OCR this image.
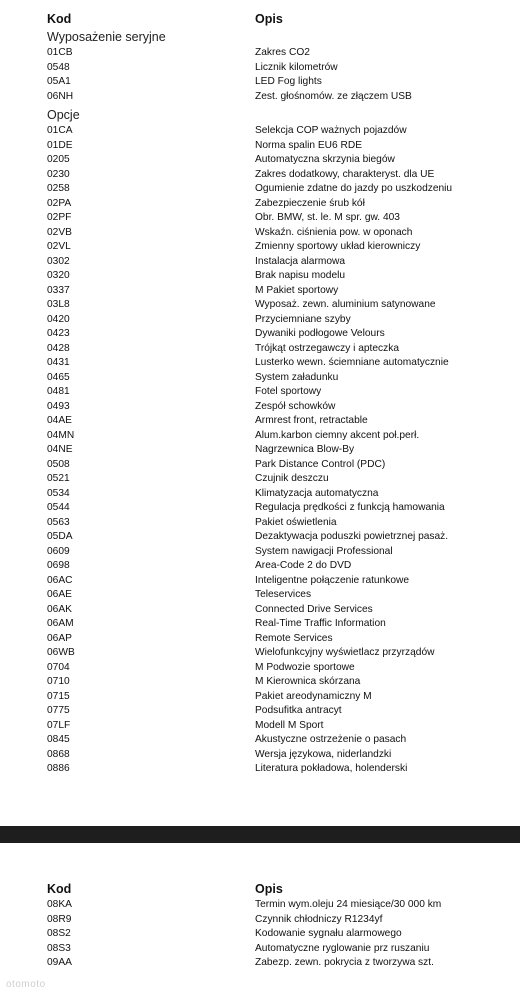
Kod	Opis
Wyposażenie seryjne
01CB	Zakres CO2
0548	Licznik kilometrów
05A1	LED Fog lights
06NH	Zest. głośnomów. ze złączem USB
Opcje
01CA	Selekcja COP ważnych pojazdów
01DE	Norma spalin EU6 RDE
0205	Automatyczna skrzynia biegów
0230	Zakres dodatkowy, charakteryst. dla UE
0258	Ogumienie zdatne do jazdy po uszkodzeniu
02PA	Zabezpieczenie śrub kół
02PF	Obr. BMW, st. le. M spr. gw. 403
02VB	Wskaźn. ciśnienia pow. w oponach
02VL	Zmienny sportowy układ kierowniczy
0302	Instalacja alarmowa
0320	Brak napisu modelu
0337	M Pakiet sportowy
03L8	Wyposaż. zewn. aluminium satynowane
0420	Przyciemniane szyby
0423	Dywaniki podłogowe Velours
0428	Trójkąt ostrzegawczy i apteczka
0431	Lusterko wewn. ściemniane automatycznie
0465	System załadunku
0481	Fotel sportowy
0493	Zespół schowków
04AE	Armrest front, retractable
04MN	Alum.karbon ciemny akcent poł.perł.
04NE	Nagrzewnica Blow-By
0508	Park Distance Control (PDC)
0521	Czujnik deszczu
0534	Klimatyzacja automatyczna
0544	Regulacja prędkości z funkcją hamowania
0563	Pakiet oświetlenia
05DA	Dezaktywacja poduszki powietrznej pasaż.
0609	System nawigacji Professional
0698	Area-Code 2 do DVD
06AC	Inteligentne połączenie ratunkowe
06AE	Teleservices
06AK	Connected Drive Services
06AM	Real-Time Traffic Information
06AP	Remote Services
06WB	Wielofunkcyjny wyświetlacz przyrządów
0704	M Podwozie sportowe
0710	M Kierownica skórzana
0715	Pakiet areodynamiczny M
0775	Podsufitka antracyt
07LF	Modell M Sport
0845	Akustyczne ostrzeżenie o pasach
0868	Wersja językowa, niderlandzki
0886	Literatura pokładowa, holenderski
Kod	Opis
08KA	Termin wym.oleju 24 miesiące/30 000 km
08R9	Czynnik chłodniczy R1234yf
08S2	Kodowanie sygnału alarmowego
08S3	Automatyczne ryglowanie prz ruszaniu
09AA	Zabezp. zewn. pokrycia z tworzywa szt.
otomoto
